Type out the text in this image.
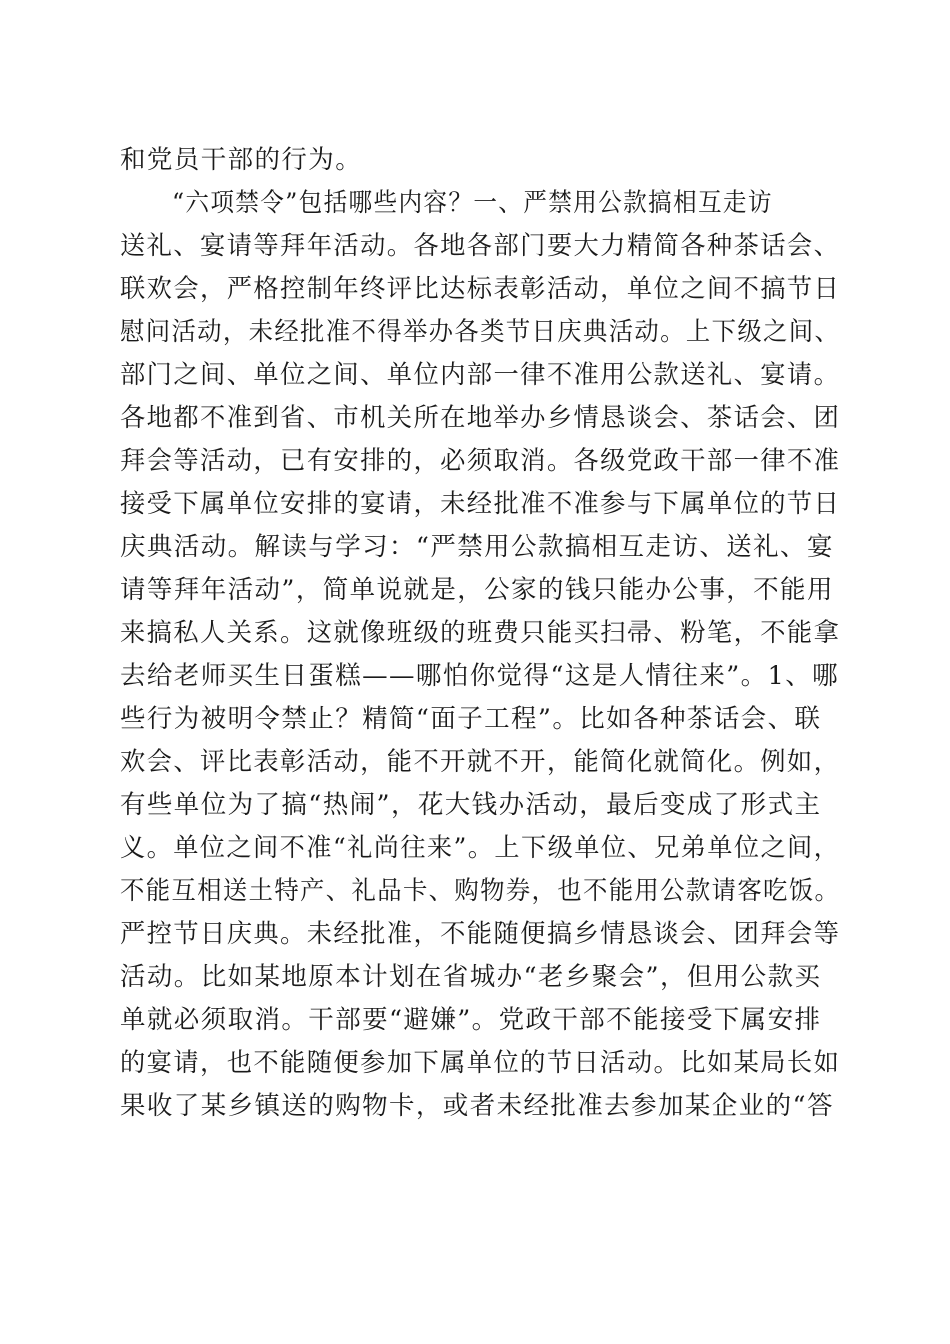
和党员干部的行为。
“六项禁令”包括哪些内容？一、严禁用公款搞相互走访
送礼、宴请等拜年活动。各地各部门要大力精简各种茶话会、
联欢会，严格控制年终评比达标表彰活动，单位之间不搞节日
慰问活动，未经批准不得举办各类节日庆典活动。上下级之间、
部门之间、单位之间、单位内部一律不准用公款送礼、宴请。
各地都不准到省、市机关所在地举办乡情恳谈会、茶话会、团
拜会等活动，已有安排的，必须取消。各级党政干部一律不准
接受下属单位安排的宴请，未经批准不准参与下属单位的节日
庆典活动。解读与学习：“严禁用公款搞相互走访、送礼、宴
请等拜年活动”，简单说就是，公家的钱只能办公事，不能用
来搞私人关系。这就像班级的班费只能买扫帚、粉笔，不能拿
去给老师买生日蛋糕——哪怕你觉得“这是人情往来”。1、哪
些行为被明令禁止？精简“面子工程”。比如各种茶话会、联
欢会、评比表彰活动，能不开就不开，能简化就简化。例如，
有些单位为了搞“热闹”，花大钱办活动，最后变成了形式主
义。单位之间不准“礼尚往来”。上下级单位、兄弟单位之间，
不能互相送土特产、礼品卡、购物券，也不能用公款请客吃饭。
严控节日庆典。未经批准，不能随便搞乡情恳谈会、团拜会等
活动。比如某地原本计划在省城办“老乡聚会”，但用公款买
单就必须取消。干部要“避嫌”。党政干部不能接受下属安排
的宴请，也不能随便参加下属单位的节日活动。比如某局长如
果收了某乡镇送的购物卡，或者未经批准去参加某企业的“答
